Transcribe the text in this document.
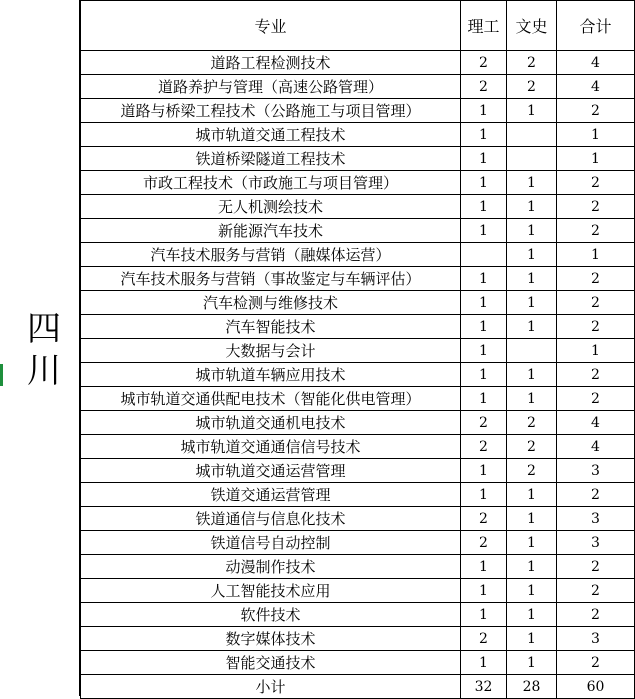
四
川
专业	理工	文史	合计
道路工程检测技术	2	2	4
道路养护与管理（高速公路管理）	2	2	4
道路与桥梁工程技术（公路施工与项目管理）	1	1	2
城市轨道交通工程技术	1		1
铁道桥梁隧道工程技术	1		1
市政工程技术（市政施工与项目管理）	1	1	2
无人机测绘技术	1	1	2
新能源汽车技术	1	1	2
汽车技术服务与营销（融媒体运营）		1	1
汽车技术服务与营销（事故鉴定与车辆评估）	1	1	2
汽车检测与维修技术	1	1	2
汽车智能技术	1	1	2
大数据与会计	1		1
城市轨道车辆应用技术	1	1	2
城市轨道交通供配电技术（智能化供电管理）	1	1	2
城市轨道交通机电技术	2	2	4
城市轨道交通通信信号技术	2	2	4
城市轨道交通运营管理	1	2	3
铁道交通运营管理	1	1	2
铁道通信与信息化技术	2	1	3
铁道信号自动控制	2	1	3
动漫制作技术	1	1	2
人工智能技术应用	1	1	2
软件技术	1	1	2
数字媒体技术	2	1	3
智能交通技术	1	1	2
小计	32	28	60
